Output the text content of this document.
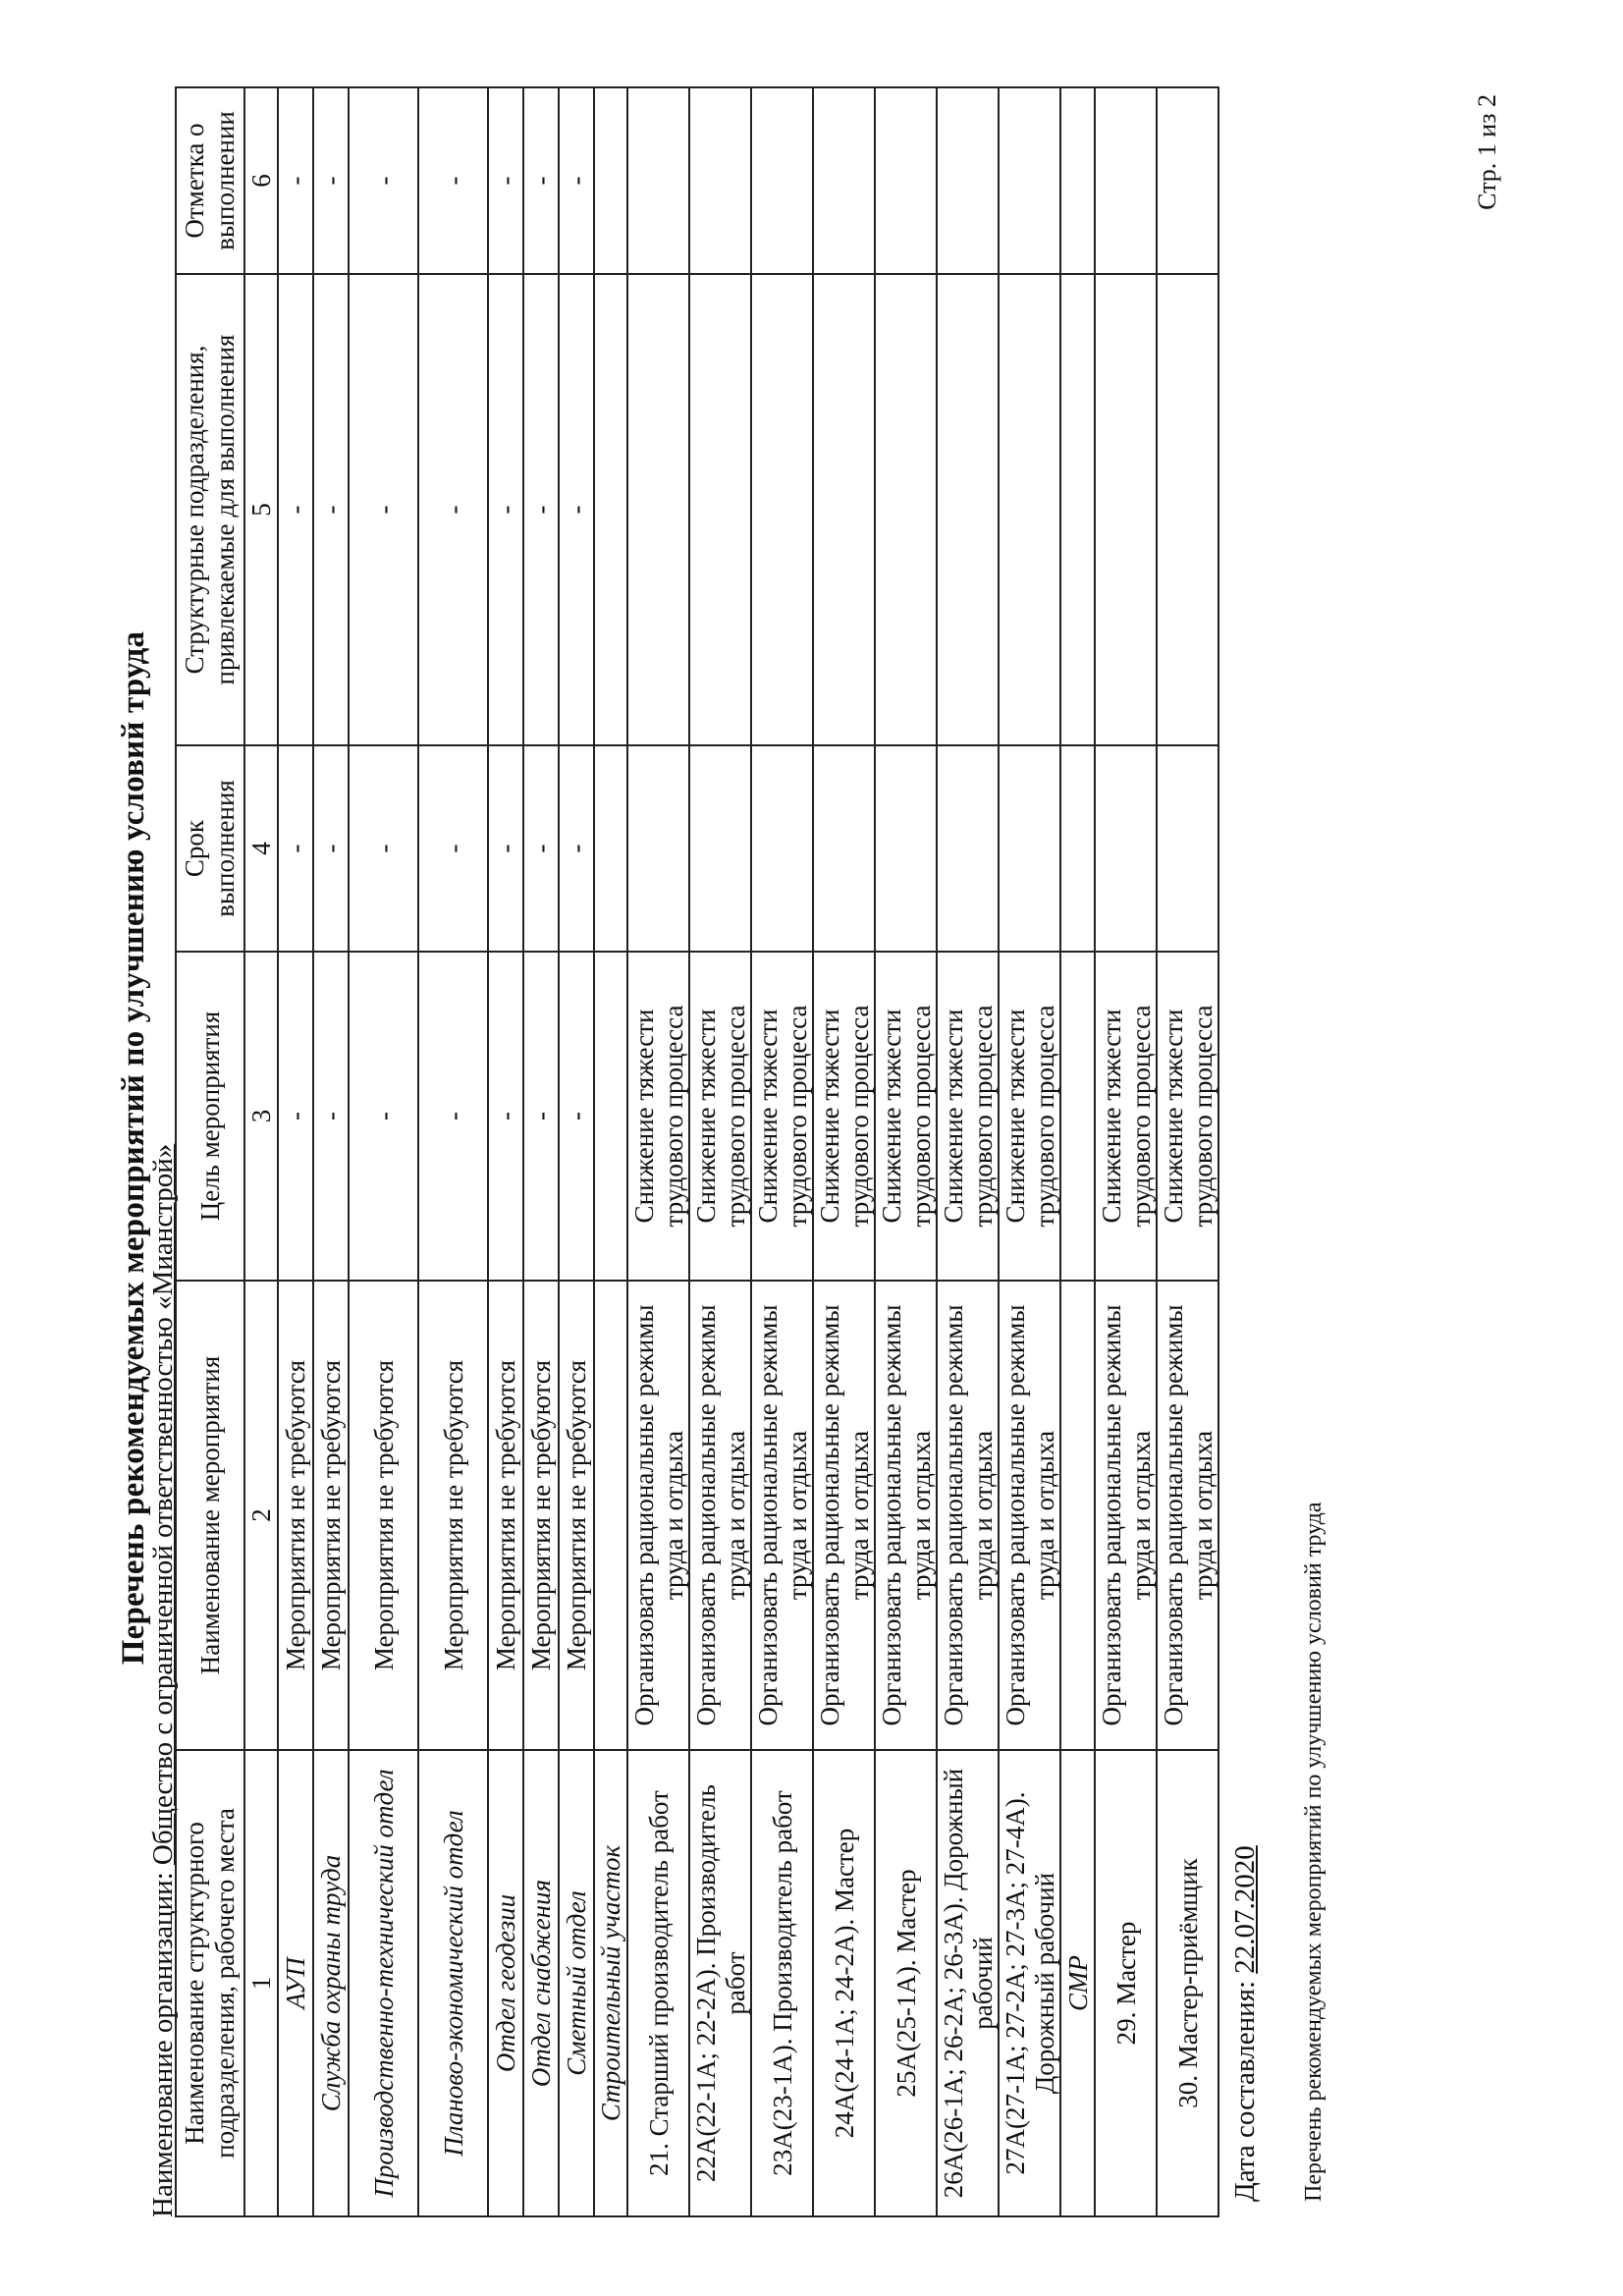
Перечень рекомендуемых мероприятий по улучшению условий труда
Наименование организации: Общество с ограниченной ответственностью «Мианстрой»
Наименование структурного подразделения, рабочего места	Наименование мероприятия	Цель мероприятия	Срок выполнения	Структурные подразделения, привлекаемые для выполнения	Отметка о выполнении
1	2	3	4	5	6
АУП	Мероприятия не требуются	-	-	-	-
Служба охраны труда	Мероприятия не требуются	-	-	-	-
Производственно-технический отдел	Мероприятия не требуются	-	-	-	-
Планово-экономический отдел	Мероприятия не требуются	-	-	-	-
Отдел геодезии	Мероприятия не требуются	-	-	-	-
Отдел снабжения	Мероприятия не требуются	-	-	-	-
Сметный отдел	Мероприятия не требуются	-	-	-	-
Строительный участок					
21. Старший производитель работ	Организовать рациональные режимы труда и отдыха	Снижение тяжести трудового процесса			
22А(22-1А; 22-2А). Производитель работ	Организовать рациональные режимы труда и отдыха	Снижение тяжести трудового процесса			
23А(23-1А). Производитель работ	Организовать рациональные режимы труда и отдыха	Снижение тяжести трудового процесса			
24А(24-1А; 24-2А). Мастер	Организовать рациональные режимы труда и отдыха	Снижение тяжести трудового процесса			
25А(25-1А). Мастер	Организовать рациональные режимы труда и отдыха	Снижение тяжести трудового процесса			
26А(26-1А; 26-2А; 26-3А). Дорожный рабочий	Организовать рациональные режимы труда и отдыха	Снижение тяжести трудового процесса			
27А(27-1А; 27-2А; 27-3А; 27-4А). Дорожный рабочий	Организовать рациональные режимы труда и отдыха	Снижение тяжести трудового процесса			
СМР					
29. Мастер	Организовать рациональные режимы труда и отдыха	Снижение тяжести трудового процесса			
30. Мастер-приёмщик	Организовать рациональные режимы труда и отдыха	Снижение тяжести трудового процесса			
Дата составления: 22.07.2020 Перечень рекомендуемых мероприятий по улучшению условий труда
Стр. 1 из 2
